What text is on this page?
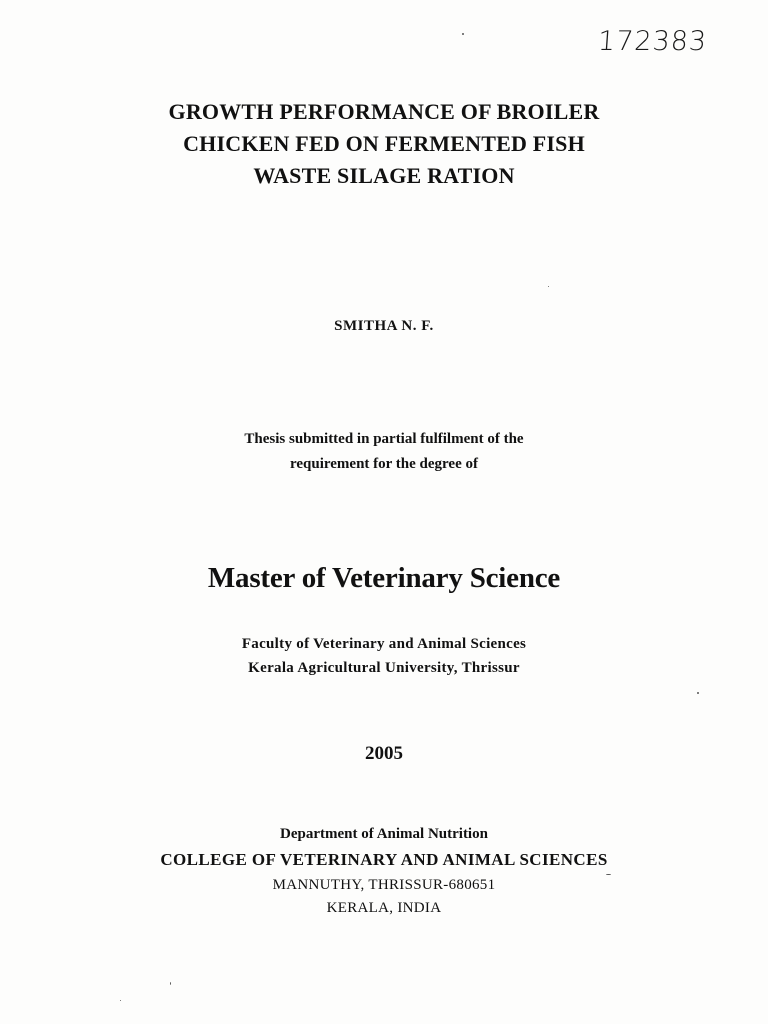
172383
GROWTH PERFORMANCE OF BROILER
CHICKEN FED ON FERMENTED FISH
WASTE SILAGE RATION
SMITHA N. F.
Thesis submitted in partial fulfilment of the
requirement for the degree of
Master of Veterinary Science
Faculty of Veterinary and Animal Sciences
Kerala Agricultural University, Thrissur
2005
Department of Animal Nutrition
COLLEGE OF VETERINARY AND ANIMAL SCIENCES
MANNUTHY, THRISSUR-680651
KERALA, INDIA
